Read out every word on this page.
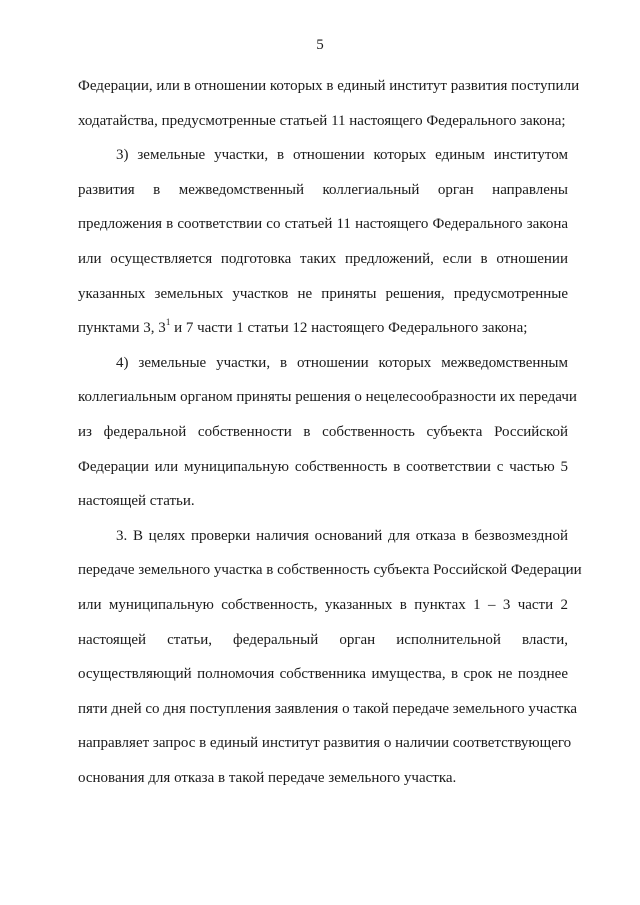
5
Федерации, или в отношении которых в единый институт развития поступили
ходатайства, предусмотренные статьей 11 настоящего Федерального закона;
3) земельные участки, в отношении которых единым институтом
развития в межведомственный коллегиальный орган направлены
предложения в соответствии со статьей 11 настоящего Федерального закона
или осуществляется подготовка таких предложений, если в отношении
указанных земельных участков не приняты решения, предусмотренные
пунктами 3, $3^1$ и 7 части 1 статьи 12 настоящего Федерального закона;
4) земельные участки, в отношении которых межведомственным
коллегиальным органом приняты решения о нецелесообразности их передачи
из федеральной собственности в собственность субъекта Российской
Федерации или муниципальную собственность в соответствии с частью 5
настоящей статьи.
3. В целях проверки наличия оснований для отказа в безвозмездной
передаче земельного участка в собственность субъекта Российской Федерации
или муниципальную собственность, указанных в пунктах 1 – 3 части 2
настоящей статьи, федеральный орган исполнительной власти,
осуществляющий полномочия собственника имущества, в срок не позднее
пяти дней со дня поступления заявления о такой передаче земельного участка
направляет запрос в единый институт развития о наличии соответствующего
основания для отказа в такой передаче земельного участка.
